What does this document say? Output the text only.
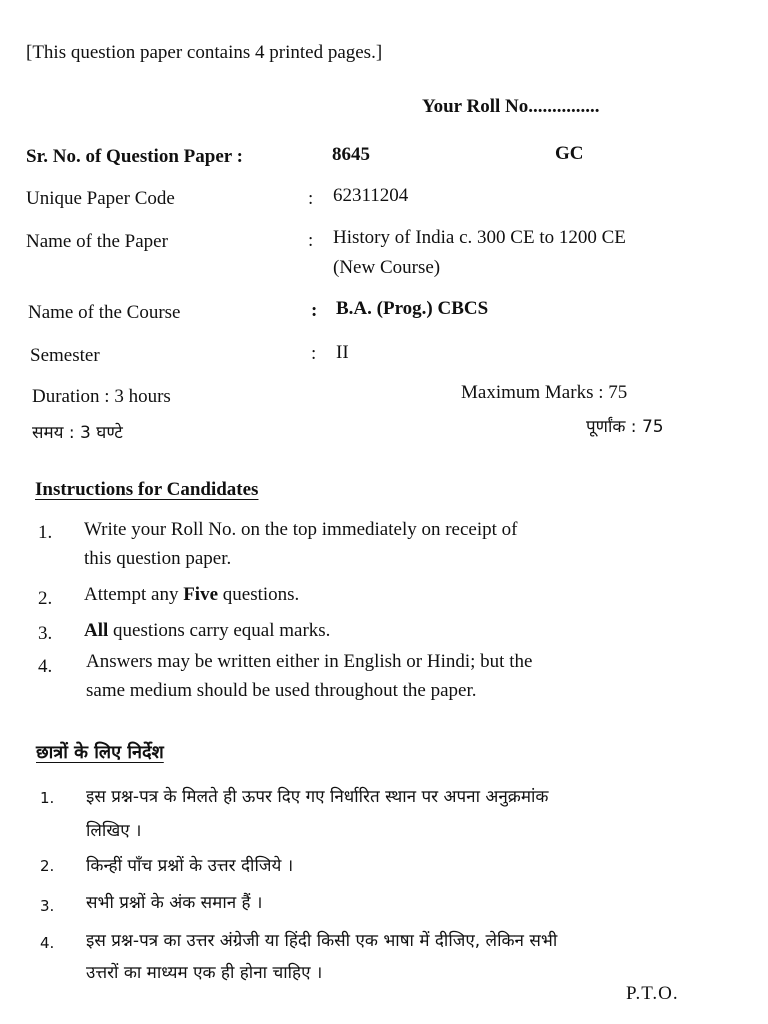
[This question paper contains 4 printed pages.]
Your Roll No...............
Sr. No. of Question Paper :	8645	GC
Unique Paper Code	: 62311204
Name of the Paper	: History of India c. 300 CE to 1200 CE
(New Course)
Name of the Course	: B.A. (Prog.) CBCS
Semester	: II
Duration : 3 hours
समय : 3 घण्टे
Maximum Marks : 75
पूर्णांक : 75
Instructions for Candidates
1. Write your Roll No. on the top immediately on receipt of
this question paper.
2. Attempt any Five questions.
3. All questions carry equal marks.
4. Answers may be written either in English or Hindi; but the
same medium should be used throughout the paper.
छात्रों के लिए निर्देश
1. इस प्रश्न-पत्र के मिलते ही ऊपर दिए गए निर्धारित स्थान पर अपना अनुक्रमांक
लिखिए ।
2. किन्हीं पाँच प्रश्नों के उत्तर दीजिये ।
3. सभी प्रश्नों के अंक समान हैं ।
4. इस प्रश्न-पत्र का उत्तर अंग्रेजी या हिंदी किसी एक भाषा में दीजिए, लेकिन सभी
उत्तरों का माध्यम एक ही होना चाहिए ।
P.T.O.
